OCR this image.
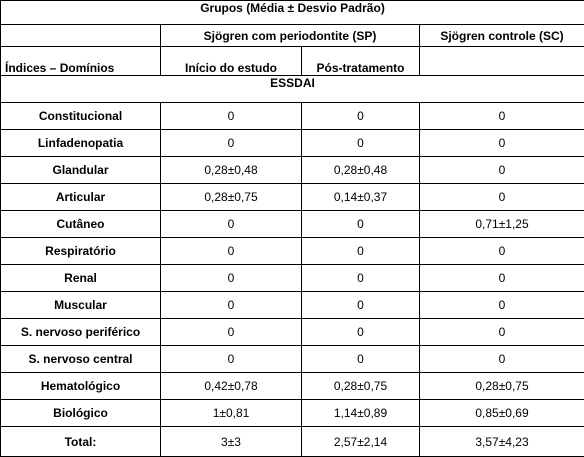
Grupos (Média ± Desvio Padrão)			
	Sjögren com periodontite (SP)		Sjögren controle (SC)
Índices – Domínios	Início do estudo	Pós-tratamento	
ESSDAI			
Constitucional	0	0	0
Linfadenopatia	0	0	0
Glandular	0,28±0,48	0,28±0,48	0
Articular	0,28±0,75	0,14±0,37	0
Cutâneo	0	0	0,71±1,25
Respiratório	0	0	0
Renal	0	0	0
Muscular	0	0	0
S. nervoso periférico	0	0	0
S. nervoso central	0	0	0
Hematológico	0,42±0,78	0,28±0,75	0,28±0,75
Biológico	1±0,81	1,14±0,89	0,85±0,69
Total:	3±3	2,57±2,14	3,57±4,23
